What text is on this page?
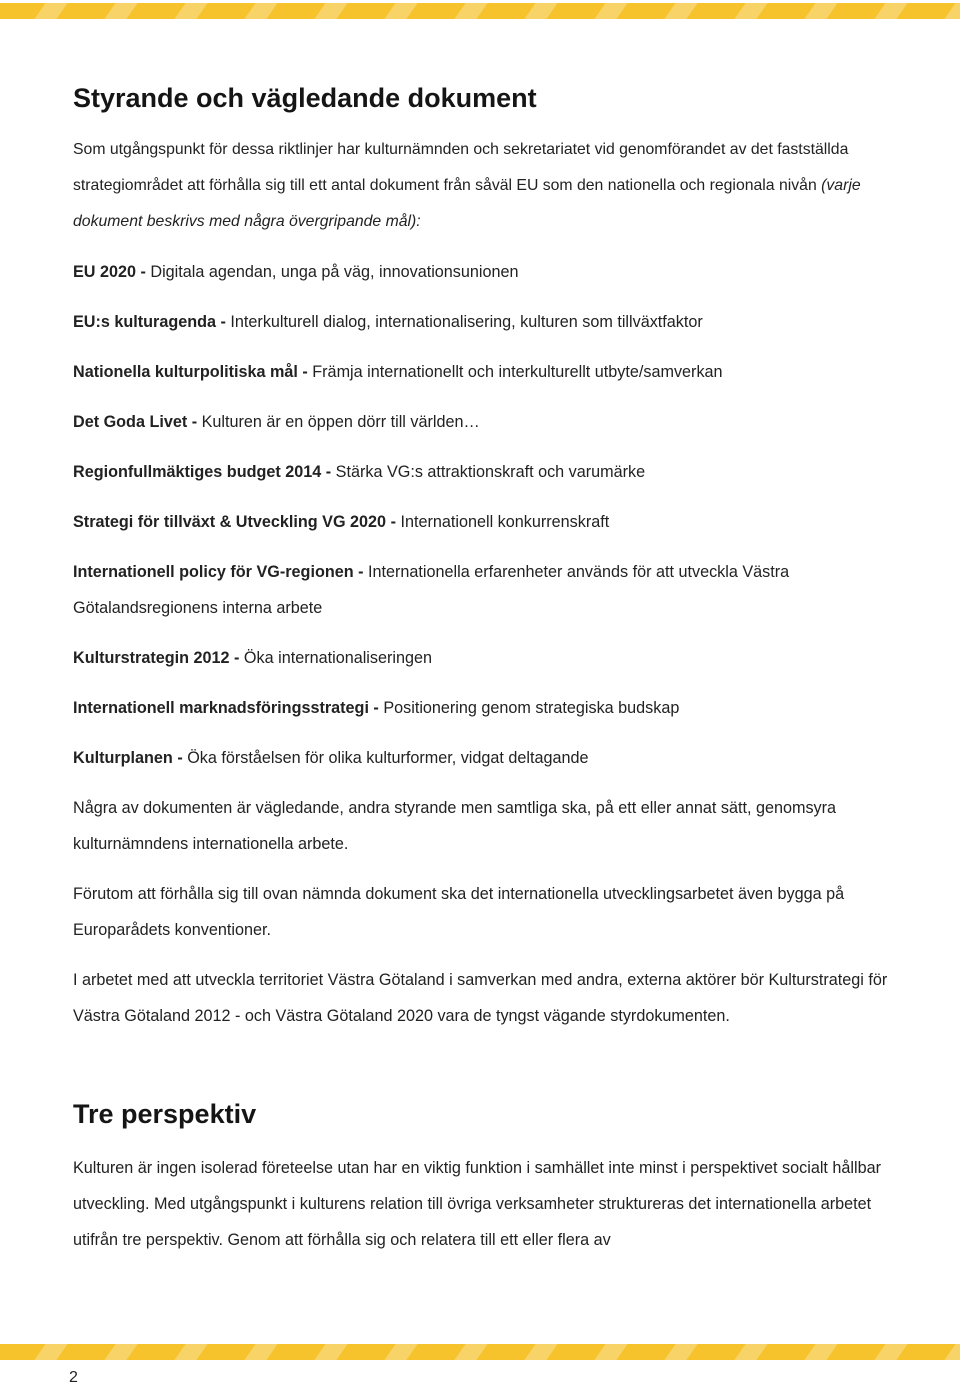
Styrande och vägledande dokument

Som utgångspunkt för dessa riktlinjer har kulturnämnden och sekretariatet vid genomförandet av det fastställda strategiområdet att förhålla sig till ett antal dokument från såväl EU som den nationella och regionala nivån (varje dokument beskrivs med några övergripande mål):

EU 2020 - Digitala agendan, unga på väg, innovationsunionen

EU:s kulturagenda - Interkulturell dialog, internationalisering, kulturen som tillväxtfaktor

Nationella kulturpolitiska mål - Främja internationellt och interkulturellt utbyte/samverkan

Det Goda Livet - Kulturen är en öppen dörr till världen…

Regionfullmäktiges budget 2014 - Stärka VG:s attraktionskraft och varumärke

Strategi för tillväxt & Utveckling VG 2020 - Internationell konkurrenskraft

Internationell policy för VG-regionen - Internationella erfarenheter används för att utveckla Västra Götalandsregionens interna arbete

Kulturstrategin 2012 - Öka internationaliseringen

Internationell marknadsföringsstrategi - Positionering genom strategiska budskap

Kulturplanen - Öka förståelsen för olika kulturformer, vidgat deltagande

Några av dokumenten är vägledande, andra styrande men samtliga ska, på ett eller annat sätt, genomsyra kulturnämndens internationella arbete.

Förutom att förhålla sig till ovan nämnda dokument ska det internationella utvecklingsarbetet även bygga på Europarådets konventioner.

I arbetet med att utveckla territoriet Västra Götaland i samverkan med andra, externa aktörer bör Kulturstrategi för Västra Götaland 2012 - och Västra Götaland 2020 vara de tyngst vägande styrdokumenten.

Tre perspektiv

Kulturen är ingen isolerad företeelse utan har en viktig funktion i samhället inte minst i perspektivet socialt hållbar utveckling. Med utgångspunkt i kulturens relation till övriga verksamheter struktureras det internationella arbetet utifrån tre perspektiv. Genom att förhålla sig och relatera till ett eller flera av

2
